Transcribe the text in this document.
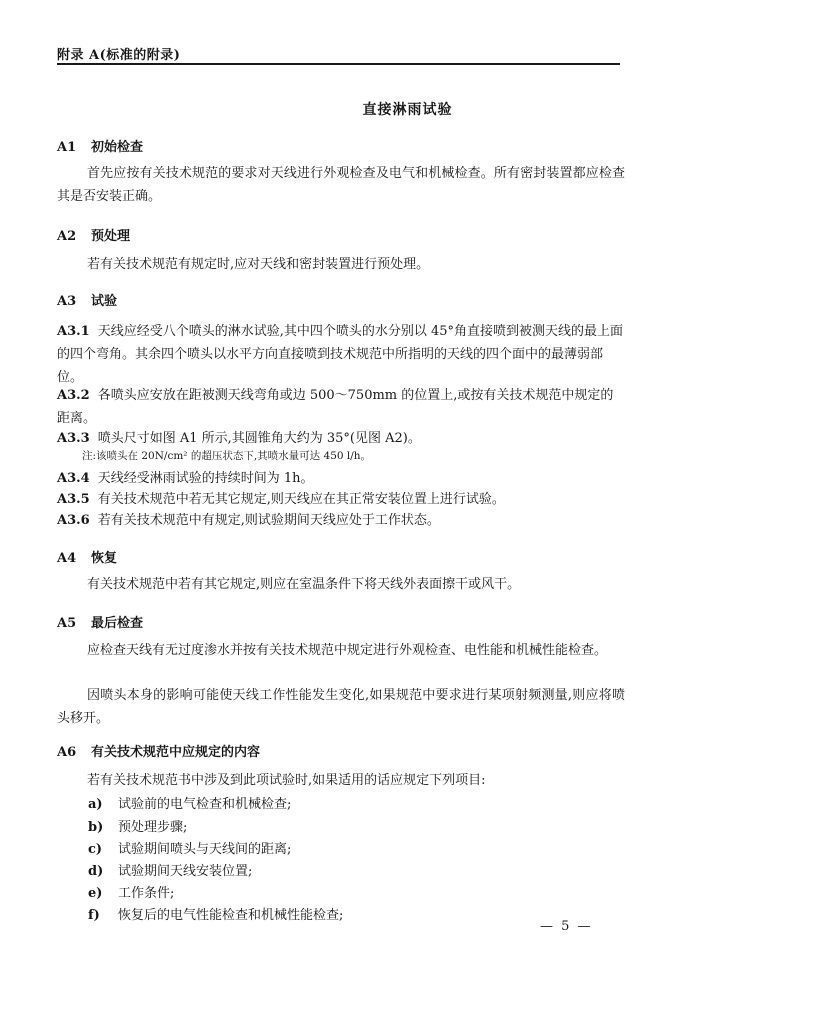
附录 A(标准的附录)
直接淋雨试验
A1 初始检查

首先应按有关技术规范的要求对天线进行外观检查及电气和机械检查。所有密封装置都应检查其是否安装正确。

A2 预处理

若有关技术规范有规定时,应对天线和密封装置进行预处理。

A3 试验
A3.1 天线应经受八个喷头的淋水试验,其中四个喷头的水分别以 45°角直接喷到被测天线的最上面的四个弯角。其余四个喷头以水平方向直接喷到技术规范中所指明的天线的四个面中的最薄弱部位。
A3.2 各喷头应安放在距被测天线弯角或边 500～750mm 的位置上,或按有关技术规范中规定的距离。
A3.3 喷头尺寸如图 A1 所示,其圆锥角大约为 35°(见图 A2)。
注:该喷头在 20N/cm² 的超压状态下,其喷水量可达 450 l/h。
A3.4 天线经受淋雨试验的持续时间为 1h。
A3.5 有关技术规范中若无其它规定,则天线应在其正常安装位置上进行试验。
A3.6 若有关技术规范中有规定,则试验期间天线应处于工作状态。
A4 恢复

有关技术规范中若有其它规定,则应在室温条件下将天线外表面擦干或风干。

A5 最后检查

应检查天线有无过度渗水并按有关技术规范中规定进行外观检查、电性能和机械性能检查。

因喷头本身的影响可能使天线工作性能发生变化,如果规范中要求进行某项射频测量,则应将喷头移开。

A6 有关技术规范中应规定的内容

若有关技术规范书中涉及到此项试验时,如果适用的话应规定下列项目:

a) 试验前的电气检查和机械检查;
b) 预处理步骤;
c) 试验期间喷头与天线间的距离;
d) 试验期间天线安装位置;
e) 工作条件;
f) 恢复后的电气性能检查和机械性能检查;
— 5 —
